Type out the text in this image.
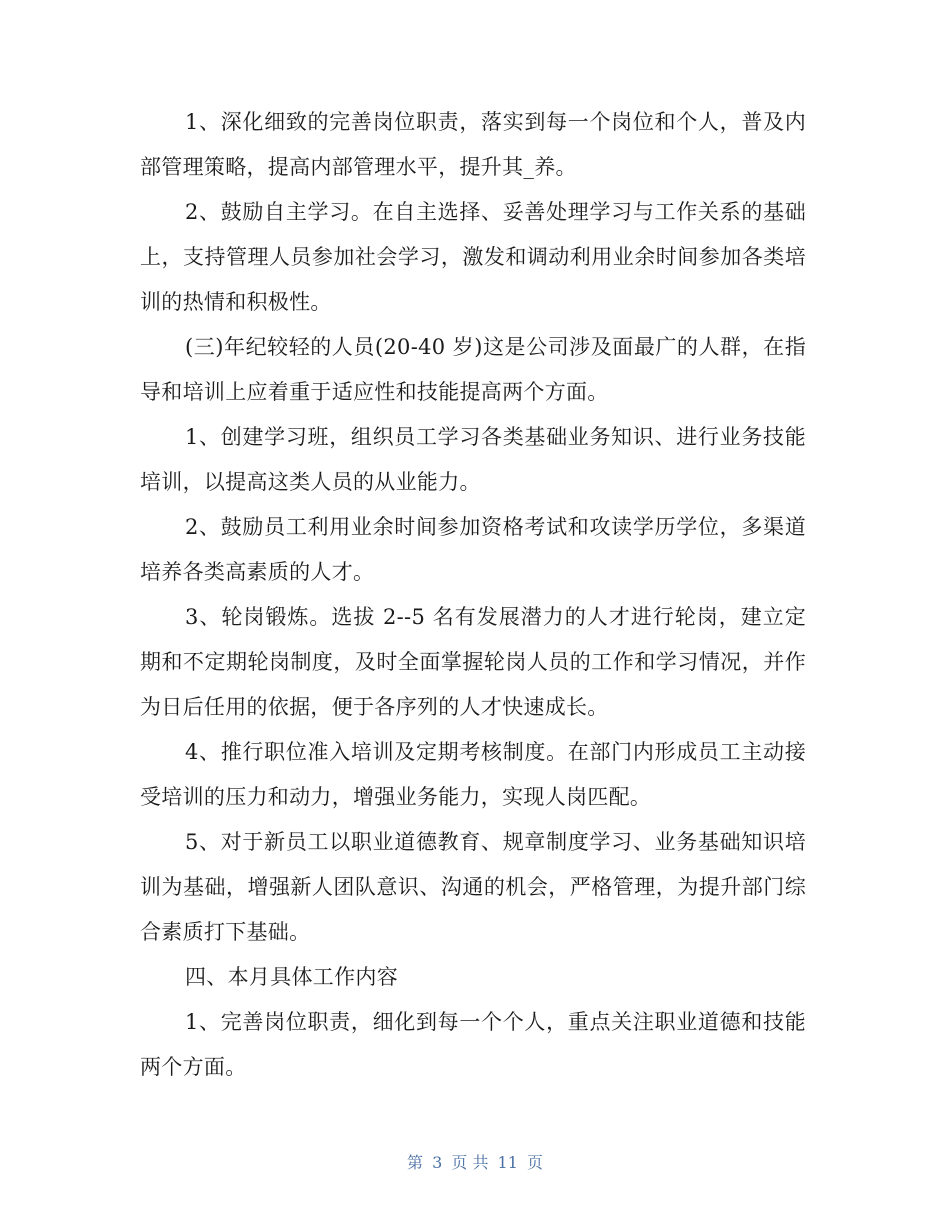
1、深化细致的完善岗位职责，落实到每一个岗位和个人，普及内部管理策略，提高内部管理水平，提升其_养。

2、鼓励自主学习。在自主选择、妥善处理学习与工作关系的基础上，支持管理人员参加社会学习，激发和调动利用业余时间参加各类培训的热情和积极性。

(三)年纪较轻的人员(20-40 岁)这是公司涉及面最广的人群，在指导和培训上应着重于适应性和技能提高两个方面。

1、创建学习班，组织员工学习各类基础业务知识、进行业务技能培训，以提高这类人员的从业能力。

2、鼓励员工利用业余时间参加资格考试和攻读学历学位，多渠道培养各类高素质的人才。

3、轮岗锻炼。选拔 2--5 名有发展潜力的人才进行轮岗，建立定期和不定期轮岗制度，及时全面掌握轮岗人员的工作和学习情况，并作为日后任用的依据，便于各序列的人才快速成长。

4、推行职位准入培训及定期考核制度。在部门内形成员工主动接受培训的压力和动力，增强业务能力，实现人岗匹配。

5、对于新员工以职业道德教育、规章制度学习、业务基础知识培训为基础，增强新人团队意识、沟通的机会，严格管理，为提升部门综合素质打下基础。

四、本月具体工作内容

1、完善岗位职责，细化到每一个个人，重点关注职业道德和技能两个方面。

第 3 页 共 11 页
